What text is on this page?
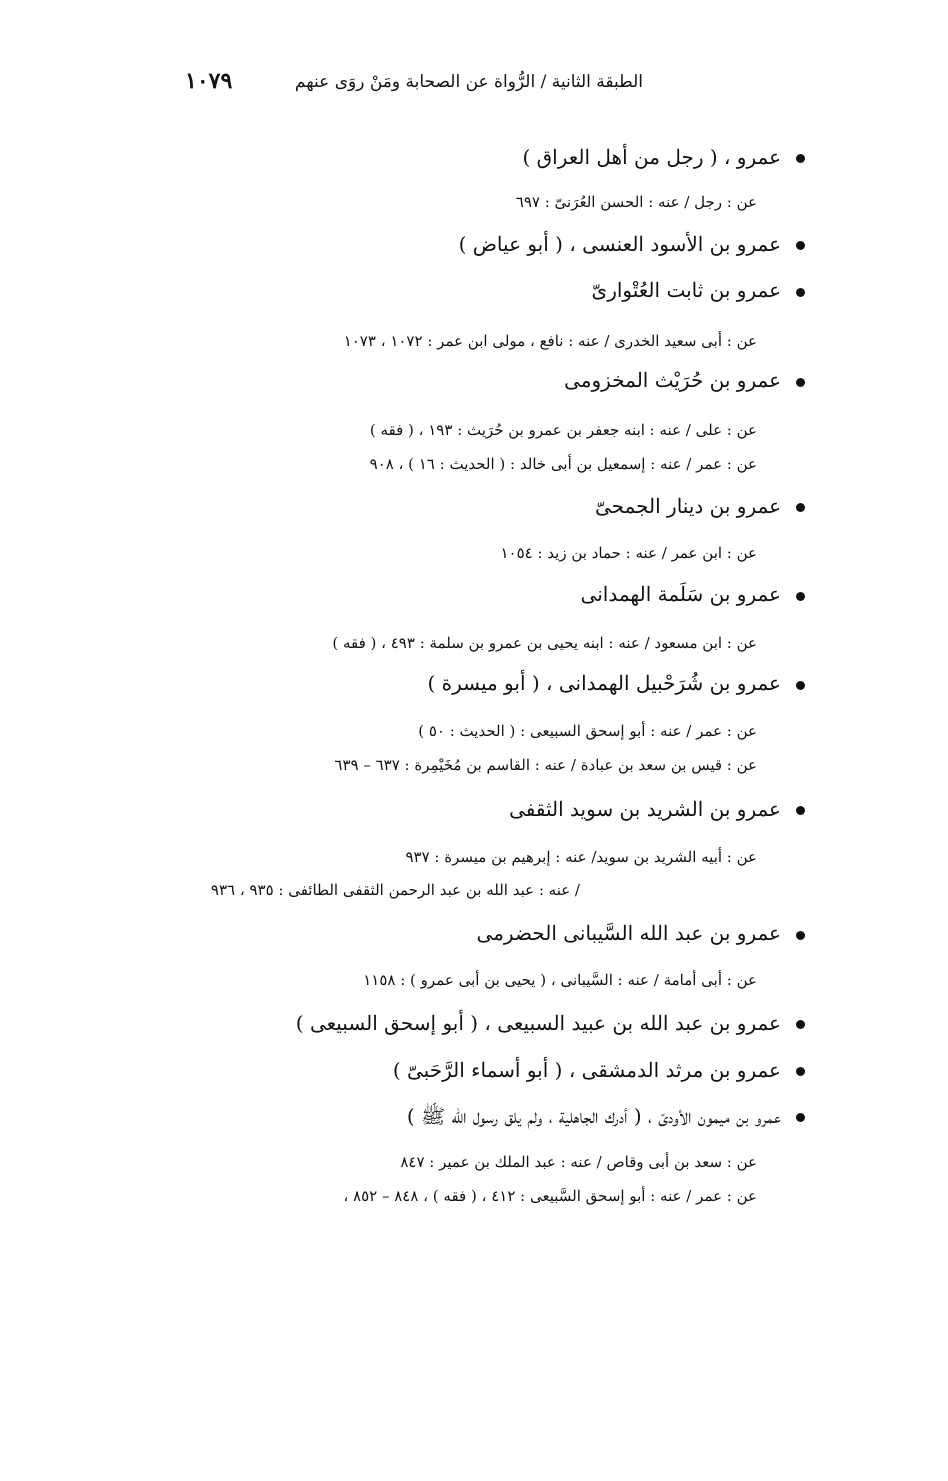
الطبقة الثانية / الرُّواة عن الصحابة ومَنْ روَى عنهم
١٠٧٩
عمرو ، ( رجل من أهل العراق )
عن : رجل / عنه : الحسن العُرَنىّ : ٦٩٧
عمرو بن الأسود العنسى ، ( أبو عياض )
عمرو بن ثابت العُتْوارىّ
عن : أبى سعيد الخدرى / عنه : نافع ، مولى ابن عمر : ١٠٧٢ ، ١٠٧٣
عمرو بن حُرَيْث المخزومى
عن : على / عنه : ابنه جعفر بن عمرو بن حُرَيث : ١٩٣ ، ( فقه )
عن : عمر / عنه : إسمعيل بن أبى خالد : ( الحديث : ١٦ ) ، ٩٠٨
عمرو بن دينار الجمحىّ
عن : ابن عمر / عنه : حماد بن زيد : ١٠٥٤
عمرو بن سَلَمة الهمدانى
عن : ابن مسعود / عنه : ابنه يحيى بن عمرو بن سلمة : ٤٩٣ ، ( فقه )
عمرو بن شُرَحْبيل الهمدانى ، ( أبو ميسرة )
عن : عمر / عنه : أبو إسحق السبيعى : ( الحديث : ٥٠ )
عن : قيس بن سعد بن عبادة / عنه : القاسم بن مُخَيْمِرة : ٦٣٧ – ٦٣٩
عمرو بن الشريد بن سويد الثقفى
عن : أبيه الشريد بن سويد/ عنه : إبرهيم بن ميسرة : ٩٣٧
/ عنه : عبد الله بن عبد الرحمن الثقفى الطائفى : ٩٣٥ ، ٩٣٦
عمرو بن عبد الله السَّيبانى الحضرمى
عن : أبى أمامة / عنه : السَّيبانى ، ( يحيى بن أبى عمرو ) : ١١٥٨
عمرو بن عبد الله بن عبيد السبيعى ، ( أبو إسحق السبيعى )
عمرو بن مرثد الدمشقى ، ( أبو أسماء الرَّحَبىّ )
عمرو بن ميمون الأودىّ ، ( أدرك الجاهلية ، ولم يلق رسول الله ﷺ )
عن : سعد بن أبى وقاص / عنه : عبد الملك بن عمير : ٨٤٧
عن : عمر / عنه : أبو إسحق السَّبيعى : ٤١٢ ، ( فقه ) ، ٨٤٨ – ٨٥٢ ،
